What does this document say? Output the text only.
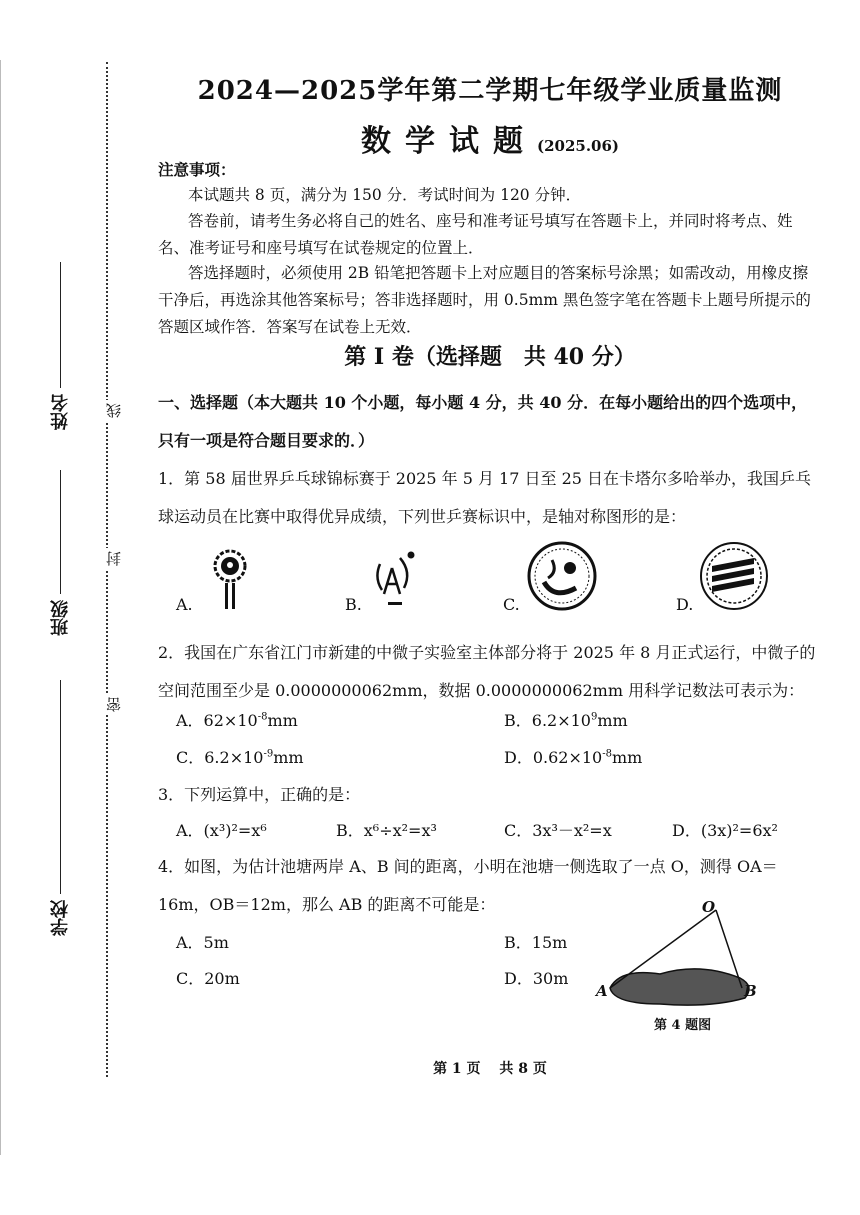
线
封
密
姓名
班级
学校
2024—2025学年第二学期七年级学业质量监测
数学试题(2025.06)
注意事项：
本试题共 8 页，满分为 150 分．考试时间为 120 分钟．
答卷前，请考生务必将自己的姓名、座号和准考证号填写在答题卡上，并同时将考点、姓名、准考证号和座号填写在试卷规定的位置上．
答选择题时，必须使用 2B 铅笔把答题卡上对应题目的答案标号涂黑；如需改动，用橡皮擦干净后，再选涂其他答案标号；答非选择题时，用 0.5mm 黑色签字笔在答题卡上题号所提示的答题区域作答．答案写在试卷上无效．
第 I 卷（选择题　共 40 分）
一、选择题（本大题共 10 个小题，每小题 4 分，共 40 分．在每小题给出的四个选项中，只有一项是符合题目要求的．）
1．第 58 届世界乒乓球锦标赛于 2025 年 5 月 17 日至 25 日在卡塔尔多哈举办，我国乒乓球运动员在比赛中取得优异成绩，下列世乒赛标识中，是轴对称图形的是：
A.	B.	C.	D.
2．我国在广东省江门市新建的中微子实验室主体部分将于 2025 年 8 月正式运行，中微子的空间范围至少是 0.0000000062mm，数据 0.0000000062mm 用科学记数法可表示为：
A．$62\times 10^{-8}mm$	B．$6.2\times 10^9mm$
C．$6.2\times 10^{-9}mm$	D．$0.62\times 10^{-8}mm$
3．下列运算中，正确的是：
A．(x³)²=x⁶	B．x⁶÷x²=x³	C．3x³－x²=x	D．(3x)²=6x²
4．如图，为估计池塘两岸 A、B 间的距离，小明在池塘一侧选取了一点 O，测得 OA＝
16m，OB＝12m，那么 AB 的距离不可能是：
A．5m	B．15m
C．20m	D．30m
O
A	B
第 4 题图
第 1 页　 共 8 页
